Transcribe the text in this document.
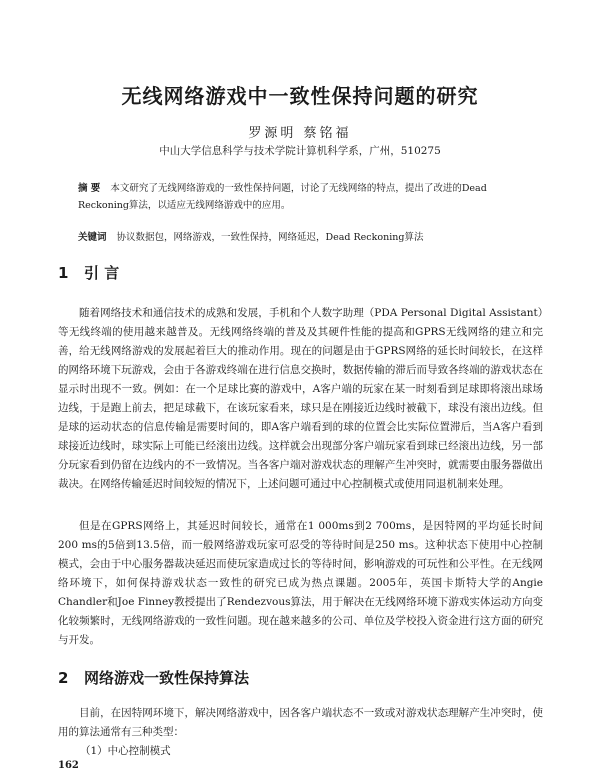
无线网络游戏中一致性保持问题的研究

罗源明 蔡铭福

中山大学信息科学与技术学院计算机科学系，广州，510275

摘 要 本文研究了无线网络游戏的一致性保持问题，讨论了无线网络的特点，提出了改进的Dead Reckoning算法，以适应无线网络游戏中的应用。

关键词 协议数据包，网络游戏，一致性保持，网络延迟，Dead Reckoning算法

1 引 言

随着网络技术和通信技术的成熟和发展，手机和个人数字助理（PDA Personal Digital Assistant）等无线终端的使用越来越普及。无线网络终端的普及及其硬件性能的提高和GPRS无线网络的建立和完善，给无线网络游戏的发展起着巨大的推动作用。现在的问题是由于GPRS网络的延长时间较长，在这样的网络环境下玩游戏，会由于各游戏终端在进行信息交换时，数据传输的滞后而导致各终端的游戏状态在显示时出现不一致。例如：在一个足球比赛的游戏中，A客户端的玩家在某一时刻看到足球即将滚出球场边线，于是跑上前去，把足球截下，在该玩家看来，球只是在刚接近边线时被截下，球没有滚出边线。但是球的运动状态的信息传输是需要时间的，即A客户端看到的球的位置会比实际位置滞后，当A客户看到球接近边线时，球实际上可能已经滚出边线。这样就会出现部分客户端玩家看到球已经滚出边线，另一部分玩家看到仍留在边线内的不一致情况。当各客户端对游戏状态的理解产生冲突时，就需要由服务器做出裁决。在网络传输延迟时间较短的情况下，上述问题可通过中心控制模式或使用同退机制来处理。

但是在GPRS网络上，其延迟时间较长，通常在1 000ms到2 700ms，是因特网的平均延长时间200 ms的5倍到13.5倍，而一般网络游戏玩家可忍受的等待时间是250 ms。这种状态下使用中心控制模式，会由于中心服务器裁决延迟而使玩家造成过长的等待时间，影响游戏的可玩性和公平性。在无线网络环境下，如何保持游戏状态一致性的研究已成为热点课题。2005年，英国卡斯特大学的Angie Chandler和Joe Finney教授提出了Rendezvous算法，用于解决在无线网络环境下游戏实体运动方向变化较频繁时，无线网络游戏的一致性问题。现在越来越多的公司、单位及学校投入资金进行这方面的研究与开发。

2 网络游戏一致性保持算法

目前，在因特网环境下，解决网络游戏中，因各客户端状态不一致或对游戏状态理解产生冲突时，使用的算法通常有三种类型：

（1）中心控制模式

162
